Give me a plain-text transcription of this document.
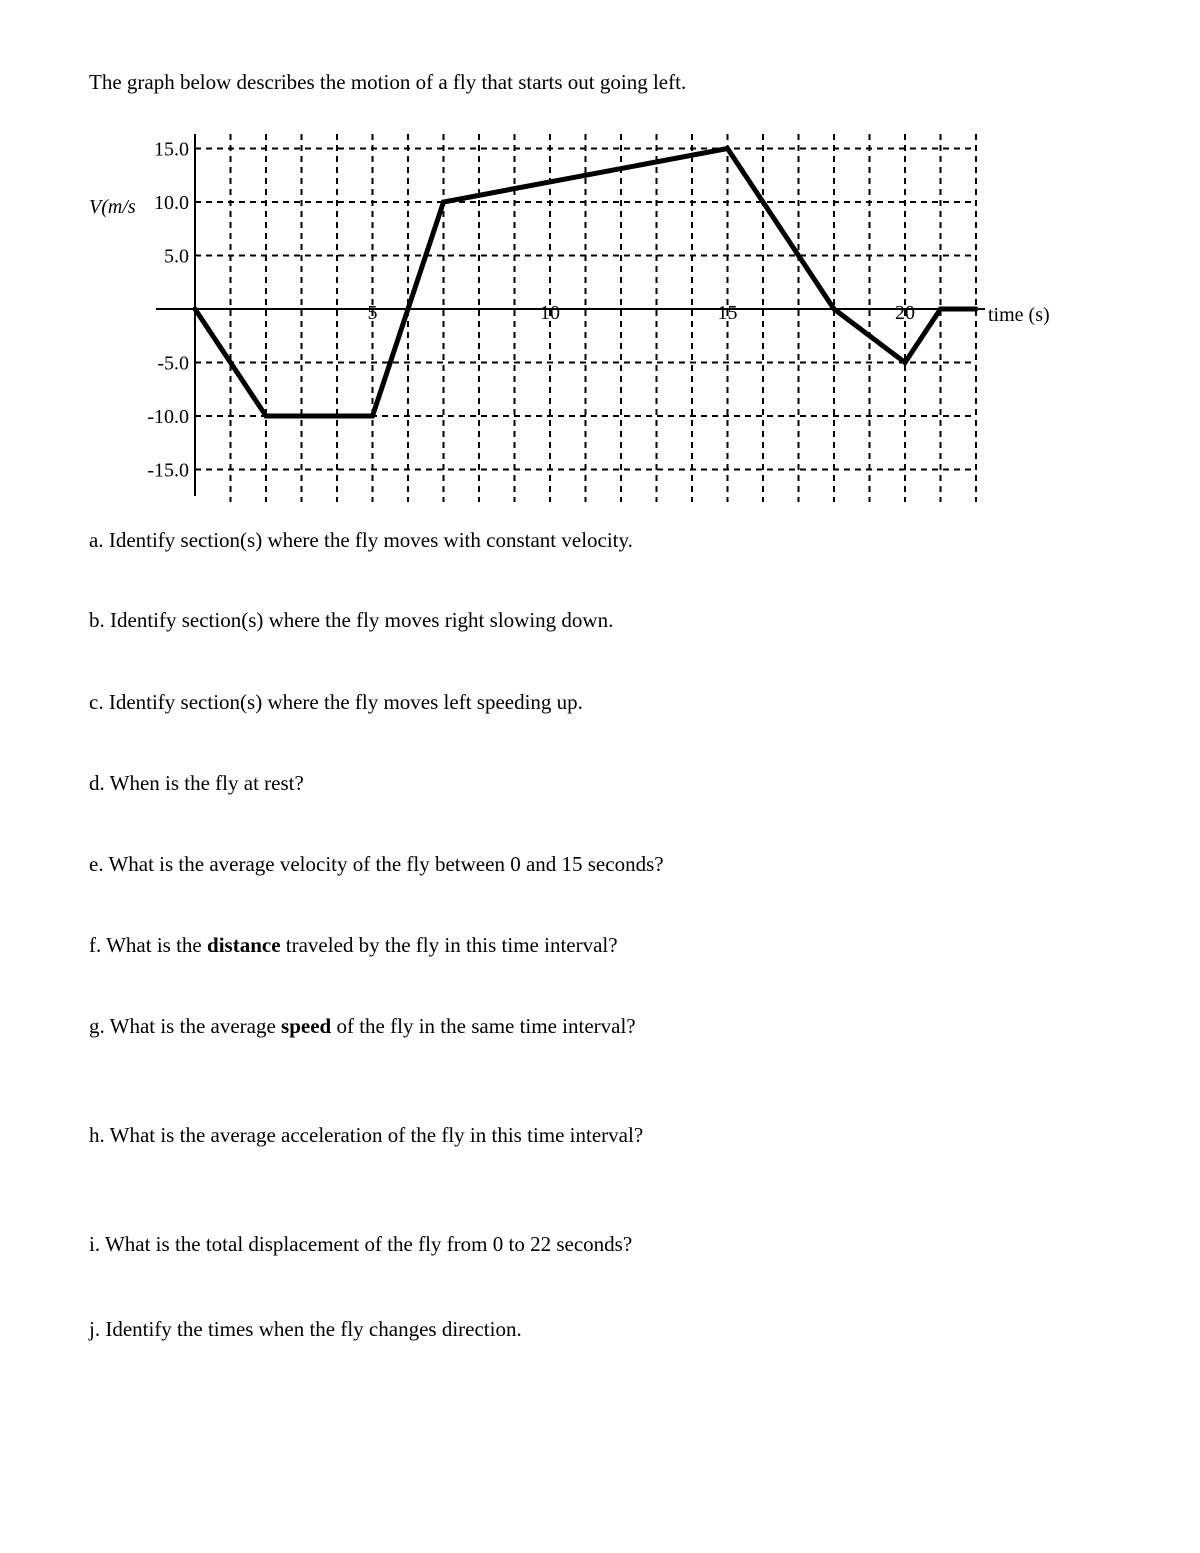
The graph below describes the motion of a fly that starts out going left.

15.0
10.0
5.0
-5.0
-10.0
-15.0
5	10	15	20
V(m/s
time (s)

a. Identify section(s) where the fly moves with constant velocity.

b. Identify section(s) where the fly moves right slowing down.

c. Identify section(s) where the fly moves left speeding up.

d. When is the fly at rest?

e. What is the average velocity of the fly between 0 and 15 seconds?

f. What is the distance traveled by the fly in this time interval?

g. What is the average speed of the fly in the same time interval?

h. What is the average acceleration of the fly in this time interval?

i. What is the total displacement of the fly from 0 to 22 seconds?

j. Identify the times when the fly changes direction.
